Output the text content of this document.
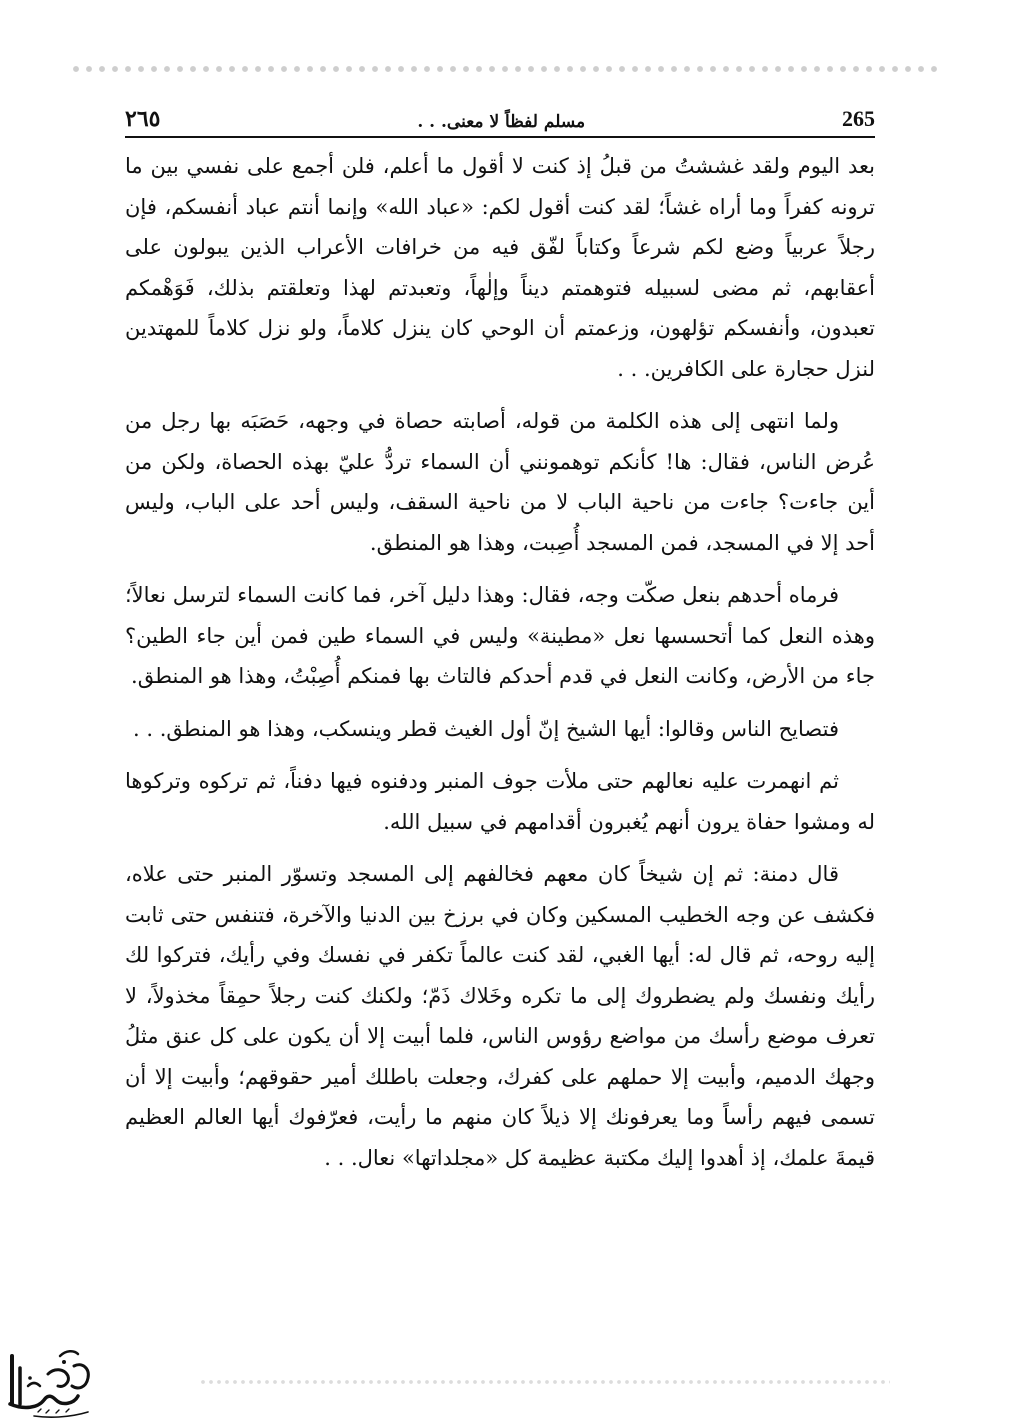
265
مسلم لفظاً لا معنى. . .
٢٦٥

بعد اليوم ولقد غششتُ من قبلُ إذ كنت لا أقول ما أعلم، فلن أجمع على نفسي بين ما ترونه كفراً وما أراه غشاً؛ لقد كنت أقول لكم: «عباد الله» وإنما أنتم عباد أنفسكم، فإن رجلاً عربياً وضع لكم شرعاً وكتاباً لفّق فيه من خرافات الأعراب الذين يبولون على أعقابهم، ثم مضى لسبيله فتوهمتم ديناً وإلٰهاً، وتعبدتم لهذا وتعلقتم بذلك، فَوَهْمكم تعبدون، وأنفسكم تؤلهون، وزعمتم أن الوحي كان ينزل كلاماً، ولو نزل كلاماً للمهتدين لنزل حجارة على الكافرين. . .

ولما انتهى إلى هذه الكلمة من قوله، أصابته حصاة في وجهه، حَصَبَه بها رجل من عُرض الناس، فقال: ها! كأنكم توهمونني أن السماء تردُّ عليّ بهذه الحصاة، ولكن من أين جاءت؟ جاءت من ناحية الباب لا من ناحية السقف، وليس أحد على الباب، وليس أحد إلا في المسجد، فمن المسجد أُصِبت، وهذا هو المنطق.

فرماه أحدهم بنعل صكّت وجه، فقال: وهذا دليل آخر، فما كانت السماء لترسل نعالاً؛ وهذه النعل كما أتحسسها نعل «مطينة» وليس في السماء طين فمن أين جاء الطين؟ جاء من الأرض، وكانت النعل في قدم أحدكم فالتاث بها فمنكم أُصِبْتُ، وهذا هو المنطق.

فتصايح الناس وقالوا: أيها الشيخ إنّ أول الغيث قطر وينسكب، وهذا هو المنطق. . .

ثم انهمرت عليه نعالهم حتى ملأت جوف المنبر ودفنوه فيها دفناً، ثم تركوه وتركوها له ومشوا حفاة يرون أنهم يُغبرون أقدامهم في سبيل الله.

قال دمنة: ثم إن شيخاً كان معهم فخالفهم إلى المسجد وتسوّر المنبر حتى علاه، فكشف عن وجه الخطيب المسكين وكان في برزخ بين الدنيا والآخرة، فتنفس حتى ثابت إليه روحه، ثم قال له: أيها الغبي، لقد كنت عالماً تكفر في نفسك وفي رأيك، فتركوا لك رأيك ونفسك ولم يضطروك إلى ما تكره وخَلاك ذَمّ؛ ولكنك كنت رجلاً حمِقاً مخذولاً، لا تعرف موضع رأسك من مواضع رؤوس الناس، فلما أبيت إلا أن يكون على كل عنق مثلُ وجهك الدميم، وأبيت إلا حملهم على كفرك، وجعلت باطلك أمير حقوقهم؛ وأبيت إلا أن تسمى فيهم رأساً وما يعرفونك إلا ذيلاً كان منهم ما رأيت، فعرّفوك أيها العالم العظيم قيمةَ علمك، إذ أهدوا إليك مكتبة عظيمة كل «مجلداتها» نعال. . .
